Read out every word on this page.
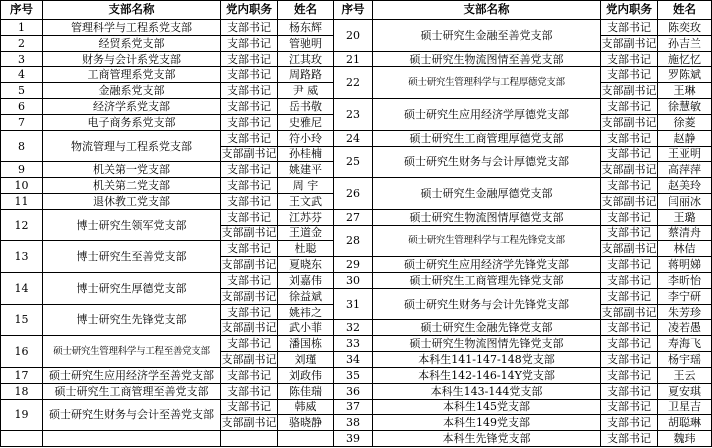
序号	支部名称	党内职务	姓名	序号	支部名称	党内职务	姓名
1	管理科学与工程系党支部	支部书记	杨东辉	20	硕士研究生金融至善党支部	支部书记	陈奕玫
2	经贸系党支部	支部书记	管驰明			支部副书记	孙吉兰
3	财务与会计系党支部	支部书记	江其玫	21	硕士研究生物流图情至善党支部	支部书记	施忆忆
4	工商管理系党支部	支部书记	周路路	22	硕士研究生管理科学与工程厚德党支部	支部书记	罗陈斌
5	金融系党支部	支部书记	尹 威			支部副书记	王琳
6	经济学系党支部	支部书记	岳书敬	23	硕士研究生应用经济学厚德党支部	支部书记	徐慧敏
7	电子商务系党支部	支部书记	史雅尼			支部副书记	徐菱
8	物流管理与工程系党支部	支部书记	符小玲	24	硕士研究生工商管理厚德党支部	支部书记	赵静
		支部副书记	孙桂楠	25	硕士研究生财务与会计厚德党支部	支部书记	王亚明
9	机关第一党支部	支部书记	姚建平			支部副书记	高萍萍
10	机关第二党支部	支部书记	周 宇	26	硕士研究生金融厚德党支部	支部书记	赵美玲
11	退休教工党支部	支部书记	王文武			支部副书记	闫丽冰
12	博士研究生领军党支部	支部书记	江苏芬	27	硕士研究生物流图情厚德党支部	支部书记	王璐
		支部副书记	王道金	28	硕士研究生管理科学与工程先锋党支部	支部书记	蔡清舟
13	博士研究生至善党支部	支部书记	杜聪			支部副书记	林佶
		支部副书记	夏晓东	29	硕士研究生应用经济学先锋党支部	支部书记	蒋明娣
14	博士研究生厚德党支部	支部书记	刘嘉伟	30	硕士研究生工商管理先锋党支部	支部书记	李昕怡
		支部副书记	徐益斌	31	硕士研究生财务与会计先锋党支部	支部书记	李宁研
15	博士研究生先锋党支部	支部书记	姚祎之			支部副书记	朱芳珍
		支部副书记	武小菲	32	硕士研究生金融先锋党支部	支部书记	凌若愚
16	硕士研究生管理科学与工程至善党支部	支部书记	潘国栋	33	硕士研究生物流图情先锋党支部	支部书记	寿海飞
		支部副书记	刘瑾	34	本科生141-147-148党支部	支部书记	杨宇瑶
17	硕士研究生应用经济学至善党支部	支部书记	刘政伟	35	本科生142-146-14Y党支部	支部书记	王云
18	硕士研究生工商管理至善党支部	支部书记	陈佳瑞	36	本科生143-144党支部	支部书记	夏安琪
19	硕士研究生财务与会计至善党支部	支部书记	韩威	37	本科生145党支部	支部书记	卫星吉
		支部副书记	骆晓静	38	本科生149党支部	支部书记	胡聪琳
				39	本科生先锋党支部	支部书记	魏玮
